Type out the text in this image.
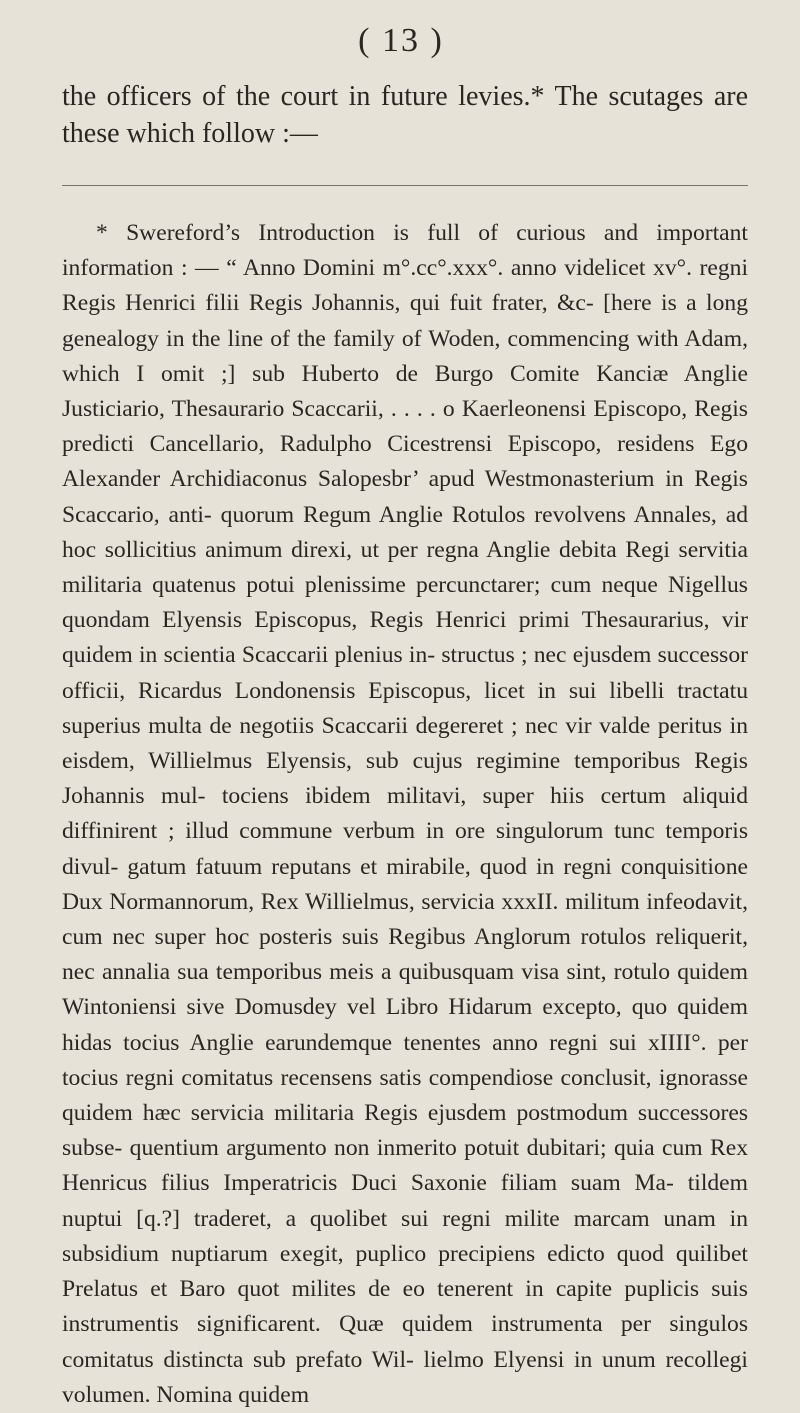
( 13 )

the officers of the court in future levies.* The scutages are these which follow :—

* Swereford’s Introduction is full of curious and important information : — “ Anno Domini m°.cc°.xxx°. anno videlicet xv°. regni Regis Henrici filii Regis Johannis, qui fuit frater, &c- [here is a long genealogy in the line of the family of Woden, commencing with Adam, which I omit ;] sub Huberto de Burgo Comite Kanciæ Anglie Justiciario, Thesaurario Scaccarii, . . . . o Kaerleonensi Episcopo, Regis predicti Cancellario, Radulpho Cicestrensi Episcopo, residens Ego Alexander Archidiaconus Salopesbr’ apud Westmonasterium in Regis Scaccario, anti- quorum Regum Anglie Rotulos revolvens Annales, ad hoc sollicitius animum direxi, ut per regna Anglie debita Regi servitia militaria quatenus potui plenissime percunctarer; cum neque Nigellus quondam Elyensis Episcopus, Regis Henrici primi Thesaurarius, vir quidem in scientia Scaccarii plenius in- structus ; nec ejusdem successor officii, Ricardus Londonensis Episcopus, licet in sui libelli tractatu superius multa de negotiis Scaccarii degereret ; nec vir valde peritus in eisdem, Willielmus Elyensis, sub cujus regimine temporibus Regis Johannis mul- tociens ibidem militavi, super hiis certum aliquid diffinirent ; illud commune verbum in ore singulorum tunc temporis divul- gatum fatuum reputans et mirabile, quod in regni conquisitione Dux Normannorum, Rex Willielmus, servicia xxxII. militum infeodavit, cum nec super hoc posteris suis Regibus Anglorum rotulos reliquerit, nec annalia sua temporibus meis a quibusquam visa sint, rotulo quidem Wintoniensi sive Domusdey vel Libro Hidarum excepto, quo quidem hidas tocius Anglie earundemque tenentes anno regni sui xIIII°. per tocius regni comitatus recensens satis compendiose conclusit, ignorasse quidem hæc servicia militaria Regis ejusdem postmodum successores subse- quentium argumento non inmerito potuit dubitari; quia cum Rex Henricus filius Imperatricis Duci Saxonie filiam suam Ma- tildem nuptui [q.?] traderet, a quolibet sui regni milite marcam unam in subsidium nuptiarum exegit, puplico precipiens edicto quod quilibet Prelatus et Baro quot milites de eo tenerent in capite puplicis suis instrumentis significarent. Quæ quidem instrumenta per singulos comitatus distincta sub prefato Wil- lielmo Elyensi in unum recollegi volumen. Nomina quidem
